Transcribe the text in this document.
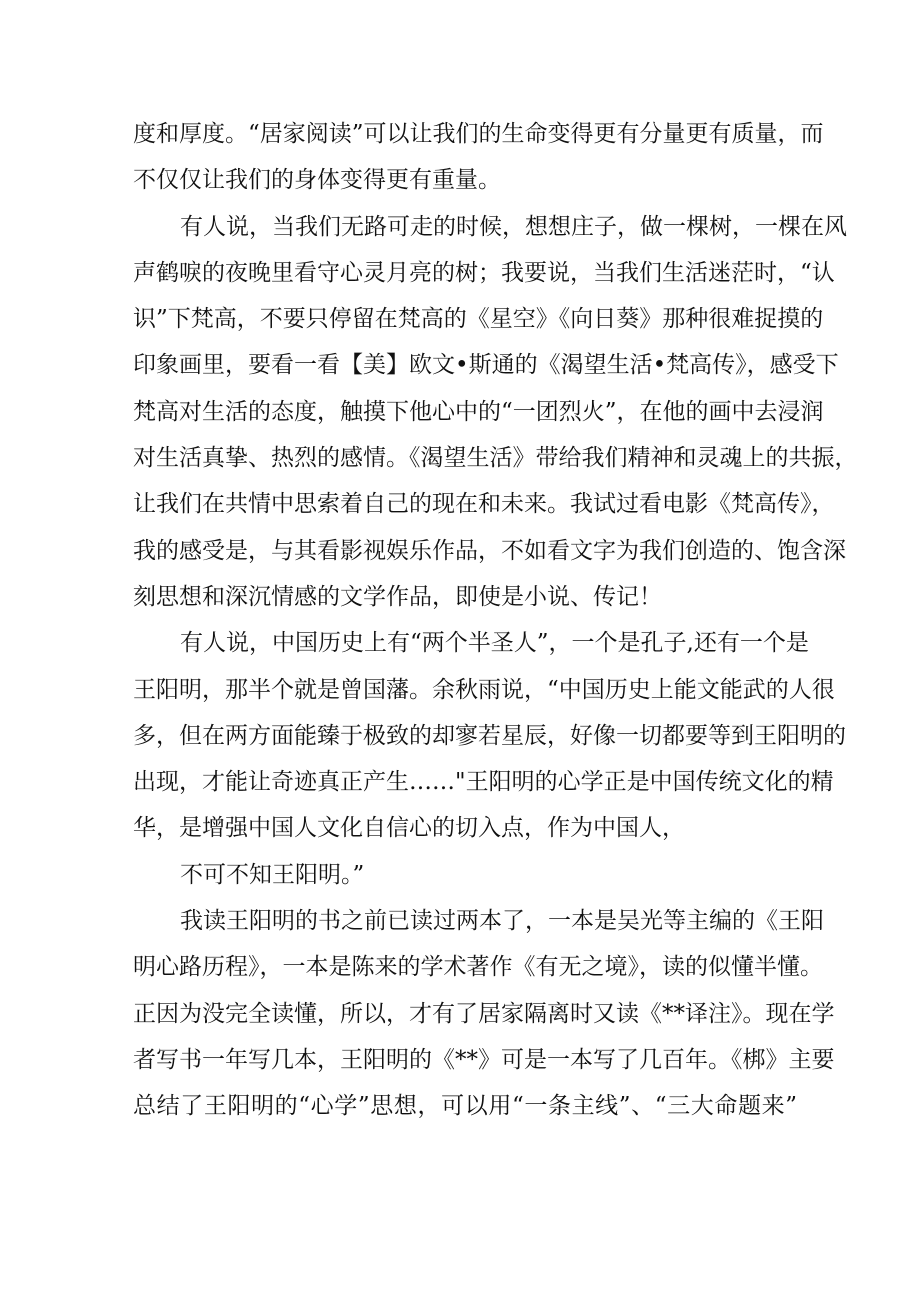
度和厚度。“居家阅读”可以让我们的生命变得更有分量更有质量，而
不仅仅让我们的身体变得更有重量。
有人说，当我们无路可走的时候，想想庄子，做一棵树，一棵在风
声鹤唳的夜晚里看守心灵月亮的树；我要说，当我们生活迷茫时，“认
识”下梵高，不要只停留在梵高的《星空》《向日葵》那种很难捉摸的
印象画里，要看一看【美】欧文•斯通的《渴望生活•梵高传》，感受下
梵高对生活的态度，触摸下他心中的“一团烈火”，在他的画中去浸润
对生活真挚、热烈的感情。《渴望生活》带给我们精神和灵魂上的共振，
让我们在共情中思索着自己的现在和未来。我试过看电影《梵高传》，
我的感受是，与其看影视娱乐作品，不如看文字为我们创造的、饱含深
刻思想和深沉情感的文学作品，即使是小说、传记！
有人说，中国历史上有“两个半圣人”，一个是孔子,还有一个是
王阳明，那半个就是曾国藩。余秋雨说，“中国历史上能文能武的人很
多，但在两方面能臻于极致的却寥若星辰，好像一切都要等到王阳明的
出现，才能让奇迹真正产生……"王阳明的心学正是中国传统文化的精
华，是增强中国人文化自信心的切入点，作为中国人，
不可不知王阳明。”
我读王阳明的书之前已读过两本了，一本是吴光等主编的《王阳
明心路历程》，一本是陈来的学术著作《有无之境》，读的似懂半懂。
正因为没完全读懂，所以，才有了居家隔离时又读《**译注》。现在学
者写书一年写几本，王阳明的《**》可是一本写了几百年。《梆》主要
总结了王阳明的“心学”思想，可以用“一条主线”、“三大命题来”
